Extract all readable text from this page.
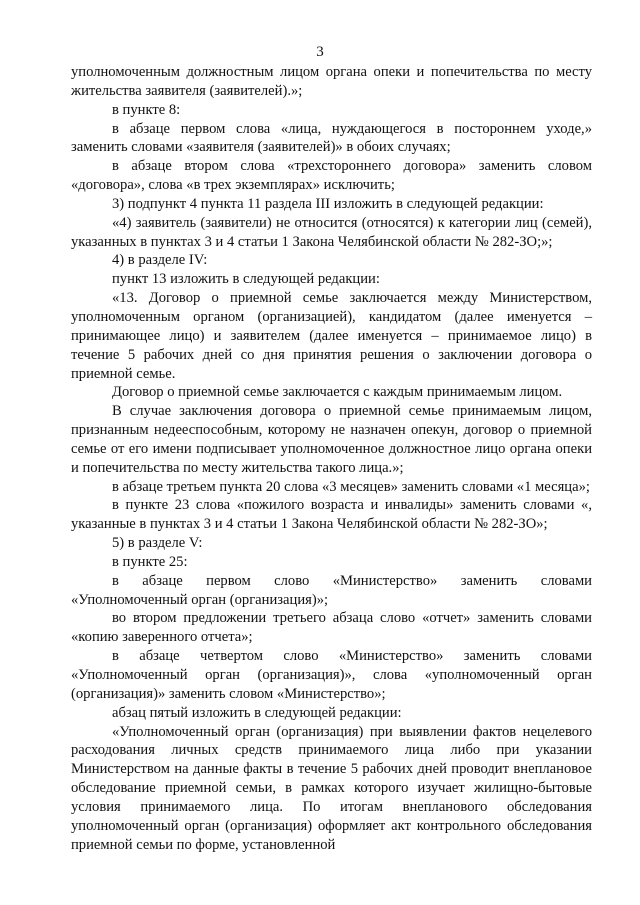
3

уполномоченным должностным лицом органа опеки и попечительства по месту жительства заявителя (заявителей).»;

в пункте 8:

в абзаце первом слова «лица, нуждающегося в постороннем уходе,» заменить словами «заявителя (заявителей)» в обоих случаях;

в абзаце втором слова «трехстороннего договора» заменить словом «договора», слова «в трех экземплярах» исключить;

3) подпункт 4 пункта 11 раздела III изложить в следующей редакции:

«4) заявитель (заявители) не относится (относятся) к категории лиц (семей), указанных в пунктах 3 и 4 статьи 1 Закона Челябинской области № 282-ЗО;»;

4) в разделе IV:

пункт 13 изложить в следующей редакции:

«13. Договор о приемной семье заключается между Министерством, уполномоченным органом (организацией), кандидатом (далее именуется – принимающее лицо) и заявителем (далее именуется – принимаемое лицо) в течение 5 рабочих дней со дня принятия решения о заключении договора о приемной семье.

Договор о приемной семье заключается с каждым принимаемым лицом.

В случае заключения договора о приемной семье принимаемым лицом, признанным недееспособным, которому не назначен опекун, договор о приемной семье от его имени подписывает уполномоченное должностное лицо органа опеки и попечительства по месту жительства такого лица.»;

в абзаце третьем пункта 20 слова «3 месяцев» заменить словами «1 месяца»;

в пункте 23 слова «пожилого возраста и инвалиды» заменить словами «, указанные в пунктах 3 и 4 статьи 1 Закона Челябинской области № 282-ЗО»;

5) в разделе V:

в пункте 25:

в абзаце первом слово «Министерство» заменить словами «Уполномоченный орган (организация)»;

во втором предложении третьего абзаца слово «отчет» заменить словами «копию заверенного отчета»;

в абзаце четвертом слово «Министерство» заменить словами «Уполномоченный орган (организация)», слова «уполномоченный орган (организация)» заменить словом «Министерство»;

абзац пятый изложить в следующей редакции:

«Уполномоченный орган (организация) при выявлении фактов нецелевого расходования личных средств принимаемого лица либо при указании Министерством на данные факты в течение 5 рабочих дней проводит внеплановое обследование приемной семьи, в рамках которого изучает жилищно-бытовые условия принимаемого лица. По итогам внепланового обследования уполномоченный орган (организация) оформляет акт контрольного обследования приемной семьи по форме, установленной
